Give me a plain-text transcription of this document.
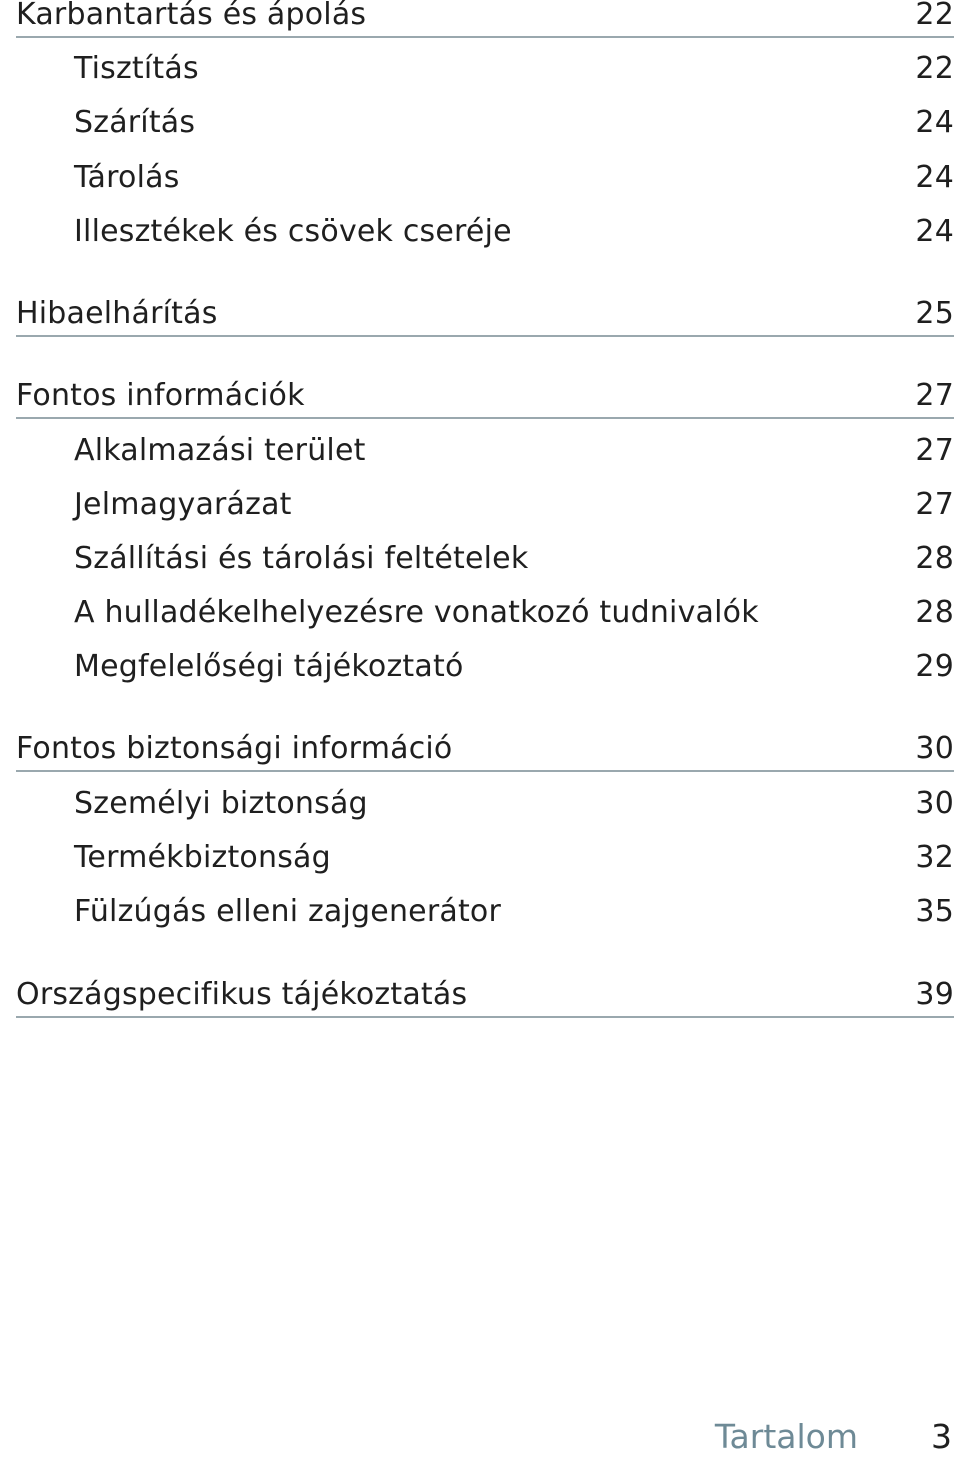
Karbantartás és ápolás	22
Tisztítás	22
Szárítás	24
Tárolás	24
Illesztékek és csövek cseréje	24
Hibaelhárítás	25
Fontos információk	27
Alkalmazási terület	27
Jelmagyarázat	27
Szállítási és tárolási feltételek	28
A hulladékelhelyezésre vonatkozó tudnivalók	28
Megfelelőségi tájékoztató	29
Fontos biztonsági információ	30
Személyi biztonság	30
Termékbiztonság	32
Fülzúgás elleni zajgenerátor	35
Országspecifikus tájékoztatás	39
Tartalom 3
